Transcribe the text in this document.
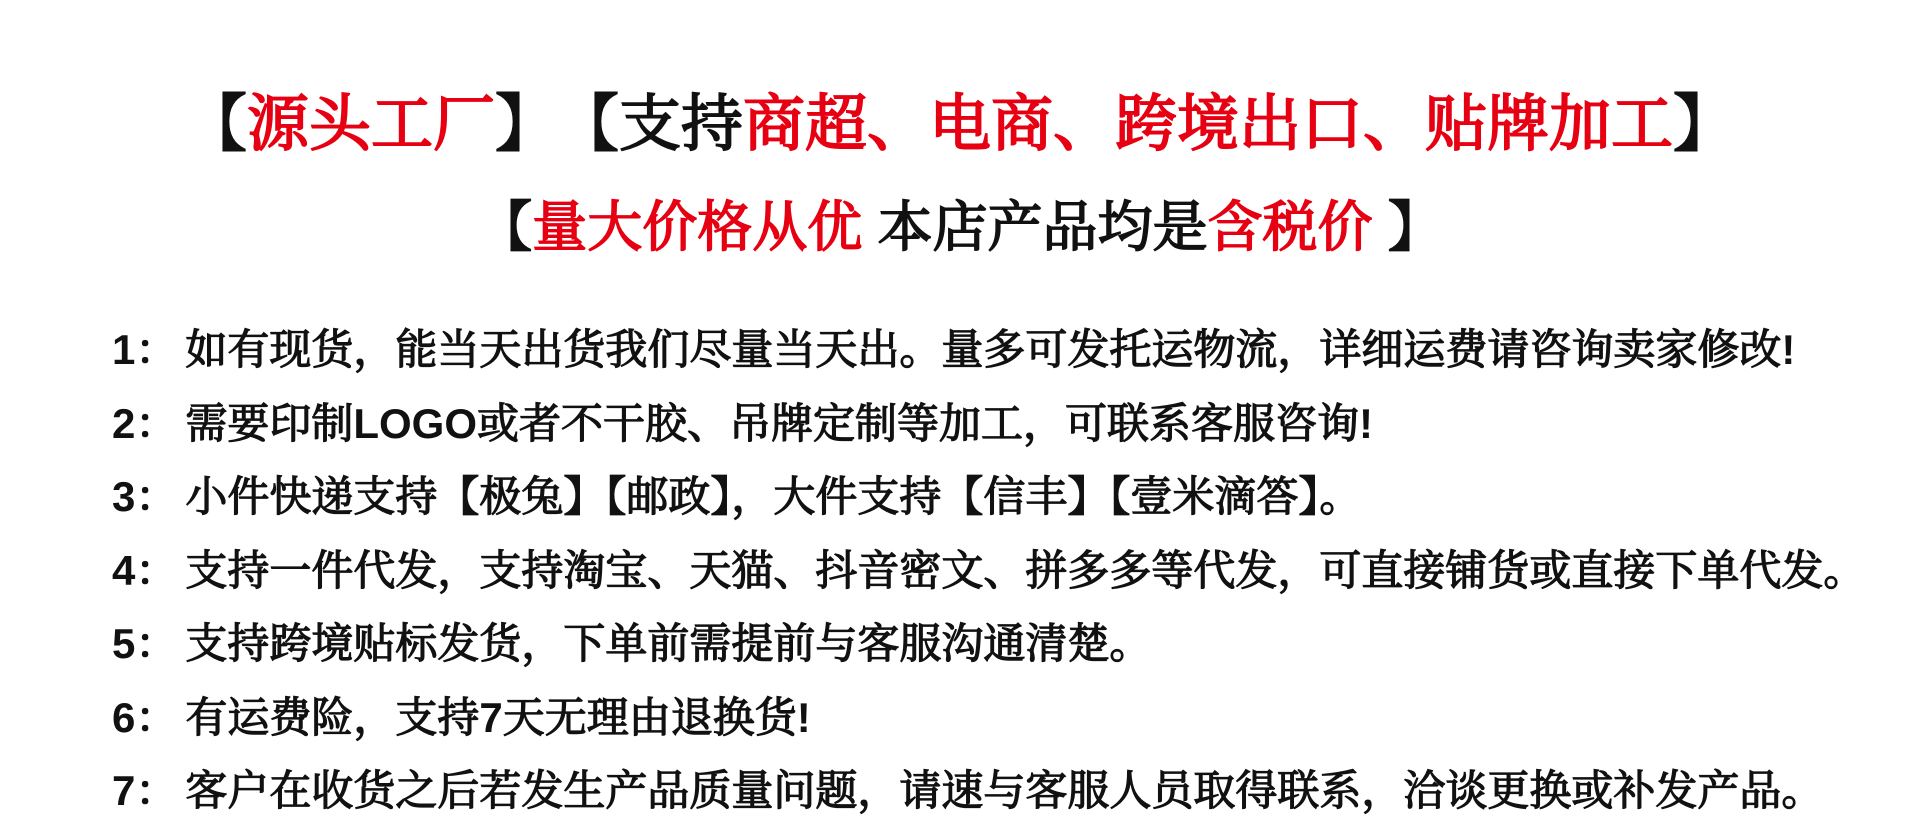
【源头工厂】　【支持商超、电商、跨境出口、贴牌加工】
【量大价格从优 本店产品均是含税价 】
1： 如有现货，能当天出货我们尽量当天出。量多可发托运物流，详细运费请咨询卖家修改!
2： 需要印制LOGO或者不干胶、吊牌定制等加工，可联系客服咨询!
3： 小件快递支持【极兔】【邮政】，大件支持【信丰】【壹米滴答】。
4： 支持一件代发，支持淘宝、天猫、抖音密文、拼多多等代发，可直接铺货或直接下单代发。
5： 支持跨境贴标发货，下单前需提前与客服沟通清楚。
6： 有运费险，支持7天无理由退换货!
7： 客户在收货之后若发生产品质量问题，请速与客服人员取得联系，洽谈更换或补发产品。
